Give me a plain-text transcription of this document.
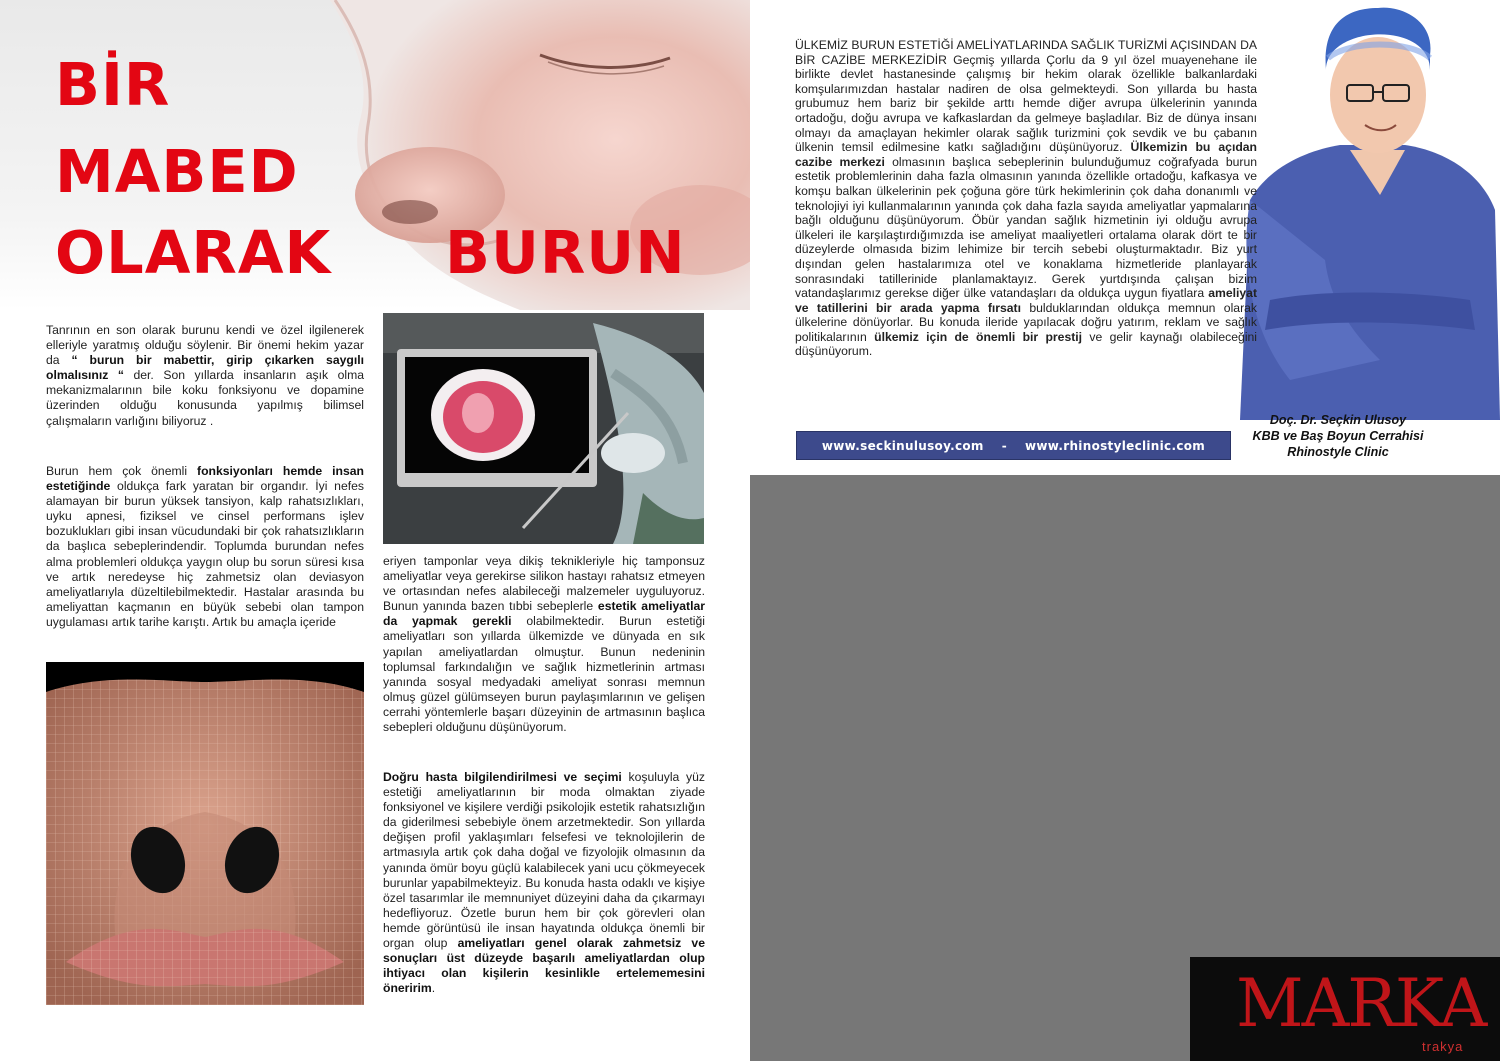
BİR
MABED
OLARAK BURUN
Tanrının en son olarak burunu kendi ve özel ilgilenerek elleriyle yaratmış olduğu söylenir. Bir önemi hekim yazar da “ burun bir mabettir, girip çıkarken saygılı olmalısınız “ der. Son yıllarda insanların aşık olma mekanizmalarının bile koku fonksiyonu ve dopamine üzerinden olduğu konusunda yapılmış bilimsel çalışmaların varlığını biliyoruz .
Burun hem çok önemli fonksiyonları hemde insan estetiğinde oldukça fark yaratan bir organdır. İyi nefes alamayan bir burun yüksek tansiyon, kalp rahatsızlıkları, uyku apnesi, fiziksel ve cinsel performans işlev bozuklukları gibi insan vücudundaki bir çok rahatsızlıkların da başlıca sebeplerindendir. Toplumda burundan nefes alma problemleri oldukça yaygın olup bu sorun süresi kısa ve artık neredeyse hiç zahmetsiz olan deviasyon ameliyatlarıyla düzeltilebilmektedir. Hastalar arasında bu ameliyattan kaçmanın en büyük sebebi olan tampon uygulaması artık tarihe karıştı. Artık bu amaçla içeride
eriyen tamponlar veya dikiş teknikleriyle hiç tamponsuz ameliyatlar veya gerekirse silikon hastayı rahatsız etmeyen ve ortasından nefes alabileceği malzemeler uyguluyoruz. Bunun yanında bazen tıbbi sebeplerle estetik ameliyatlar da yapmak gerekli olabilmektedir. Burun estetiği ameliyatları son yıllarda ülkemizde ve dünyada en sık yapılan ameliyatlardan olmuştur. Bunun nedeninin toplumsal farkındalığın ve sağlık hizmetlerinin artması yanında sosyal medyadaki ameliyat sonrası memnun olmuş güzel gülümseyen burun paylaşımlarının ve gelişen cerrahi yöntemlerle başarı düzeyinin de artmasının başlıca sebepleri olduğunu düşünüyorum.
Doğru hasta bilgilendirilmesi ve seçimi koşuluyla yüz estetiği ameliyatlarının bir moda olmaktan ziyade fonksiyonel ve kişilere verdiği psikolojik estetik rahatsızlığın da giderilmesi sebebiyle önem arzetmektedir. Son yıllarda değişen profil yaklaşımları felsefesi ve teknolojilerin de artmasıyla artık çok daha doğal ve fizyolojik olmasının da yanında ömür boyu güçlü kalabilecek yani ucu çökmeyecek burunlar yapabilmekteyiz. Bu konuda hasta odaklı ve kişiye özel tasarımlar ile memnuniyet düzeyini daha da çıkarmayı hedefliyoruz. Özetle burun hem bir çok görevleri olan hemde görüntüsü ile insan hayatında oldukça önemli bir organ olup ameliyatları genel olarak zahmetsiz ve sonuçları üst düzeyde başarılı ameliyatlardan olup ihtiyacı olan kişilerin kesinlikle ertelememesini öneririm.
ÜLKEMİZ BURUN ESTETİĞİ AMELİYATLARINDA SAĞLIK TURİZMİ AÇISINDAN DA BİR CAZİBE MERKEZİDİR Geçmiş yıllarda Çorlu da 9 yıl özel muayenehane ile birlikte devlet hastanesinde çalışmış bir hekim olarak özellikle balkanlardaki komşularımızdan hastalar nadiren de olsa gelmekteydi. Son yıllarda bu hasta grubumuz hem bariz bir şekilde arttı hemde diğer avrupa ülkelerinin yanında ortadoğu, doğu avrupa ve kafkaslardan da gelmeye başladılar. Biz de dünya insanı olmayı da amaçlayan hekimler olarak sağlık turizmini çok sevdik ve bu çabanın ülkenin temsil edilmesine katkı sağladığını düşünüyoruz. Ülkemizin bu açıdan cazibe merkezi olmasının başlıca sebeplerinin bulunduğumuz coğrafyada burun estetik problemlerinin daha fazla olmasının yanında özellikle ortadoğu, kafkasya ve komşu balkan ülkelerinin pek çoğuna göre türk hekimlerinin çok daha donanımlı ve teknolojiyi iyi kullanmalarının yanında çok daha fazla sayıda ameliyatlar yapmalarına bağlı olduğunu düşünüyorum. Öbür yandan sağlık hizmetinin iyi olduğu avrupa ülkeleri ile karşılaştırdığımızda ise ameliyat maaliyetleri ortalama olarak dört te bir düzeylerde olmasıda bizim lehimize bir tercih sebebi oluşturmaktadır. Biz yurt dışından gelen hastalarımıza otel ve konaklama hizmetleride planlayarak sonrasındaki tatillerinide planlamaktayız. Gerek yurtdışında çalışan bizim vatandaşlarımız gerekse diğer ülke vatandaşları da oldukça uygun fiyatlara ameliyat ve tatillerini bir arada yapma fırsatı bulduklarından oldukça memnun olarak ülkelerine dönüyorlar. Bu konuda ileride yapılacak doğru yatırım, reklam ve sağlık politikalarının ülkemiz için de önemli bir prestij ve gelir kaynağı olabileceğini düşünüyorum.
Doç. Dr. Seçkin Ulusoy
KBB ve Baş Boyun Cerrahisi
Rhinostyle Clinic
www.seckinulusoy.com - www.rhinostyleclinic.com
MARKA
trakya
